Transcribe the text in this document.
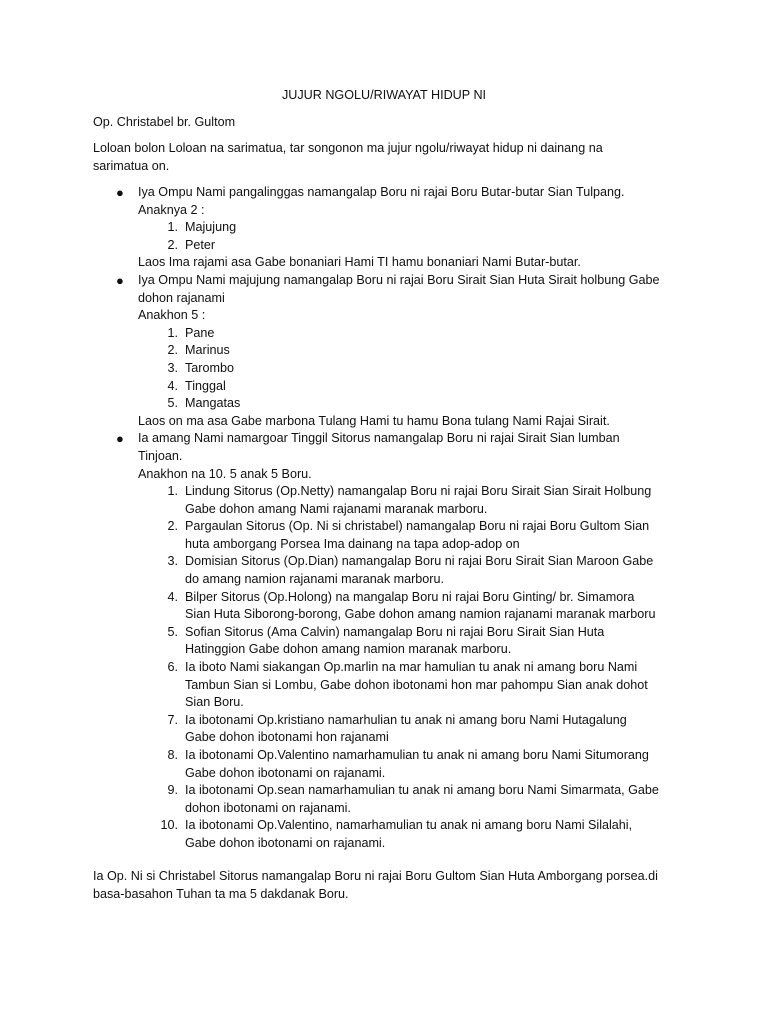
JUJUR NGOLU/RIWAYAT HIDUP NI

Op. Christabel br. Gultom

Loloan bolon Loloan na sarimatua, tar songonon ma jujur ngolu/riwayat hidup ni dainang na
sarimatua on.

●	Iya Ompu Nami pangalinggas namangalap Boru ni rajai Boru Butar-butar Sian Tulpang.
Anaknya 2 :
1. Majujung
2. Peter
Laos Ima rajami asa Gabe bonaniari Hami TI hamu bonaniari Nami Butar-butar.
●	Iya Ompu Nami majujung namangalap Boru ni rajai Boru Sirait Sian Huta Sirait holbung Gabe
dohon rajanami
Anakhon 5 :
1. Pane
2. Marinus
3. Tarombo
4. Tinggal
5. Mangatas
Laos on ma asa Gabe marbona Tulang Hami tu hamu Bona tulang Nami Rajai Sirait.
●	Ia amang Nami namargoar Tinggil Sitorus namangalap Boru ni rajai Sirait Sian lumban
Tinjoan.
Anakhon na 10. 5 anak 5 Boru.
1. Lindung Sitorus (Op.Netty) namangalap Boru ni rajai Boru Sirait Sian Sirait Holbung
Gabe dohon amang Nami rajanami maranak marboru.
2. Pargaulan Sitorus (Op. Ni si christabel) namangalap Boru ni rajai Boru Gultom Sian
huta amborgang Porsea Ima dainang na tapa adop-adop on
3. Domisian Sitorus (Op.Dian) namangalap Boru ni rajai Boru Sirait Sian Maroon Gabe
do amang namion rajanami maranak marboru.
4. Bilper Sitorus (Op.Holong) na mangalap Boru ni rajai Boru Ginting/ br. Simamora
Sian Huta Siborong-borong, Gabe dohon amang namion rajanami maranak marboru
5. Sofian Sitorus (Ama Calvin) namangalap Boru ni rajai Boru Sirait Sian Huta
Hatinggion Gabe dohon amang namion maranak marboru.
6. Ia iboto Nami siakangan Op.marlin na mar hamulian tu anak ni amang boru Nami
Tambun Sian si Lombu, Gabe dohon ibotonami hon mar pahompu Sian anak dohot
Sian Boru.
7. Ia ibotonami Op.kristiano namarhulian tu anak ni amang boru Nami Hutagalung
Gabe dohon ibotonami hon rajanami
8. Ia ibotonami Op.Valentino namarhamulian tu anak ni amang boru Nami Situmorang
Gabe dohon ibotonami on rajanami.
9. Ia ibotonami Op.sean namarhamulian tu anak ni amang boru Nami Simarmata, Gabe
dohon ibotonami on rajanami.
10. Ia ibotonami Op.Valentino, namarhamulian tu anak ni amang boru Nami Silalahi,
Gabe dohon ibotonami on rajanami.

Ia Op. Ni si Christabel Sitorus namangalap Boru ni rajai Boru Gultom Sian Huta Amborgang porsea.di
basa-basahon Tuhan ta ma 5 dakdanak Boru.
